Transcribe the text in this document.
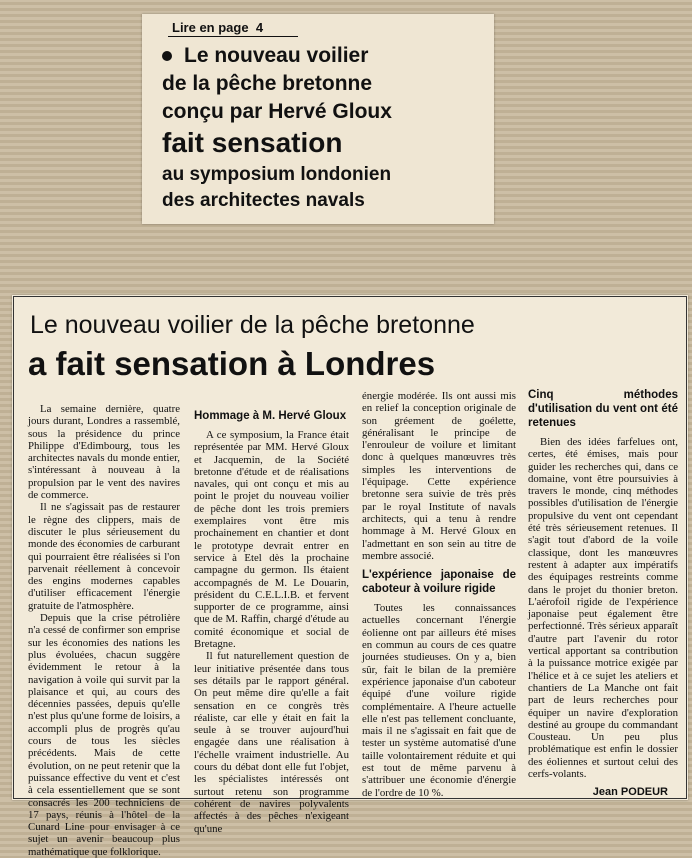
Lire en page 4
Le nouveau voilier
de la pêche bretonne
conçu par Hervé Gloux
fait sensation
au symposium londonien
des architectes navals
Le nouveau voilier de la pêche bretonne
a fait sensation à Londres

La semaine dernière, quatre jours durant, Londres a rassemblé, sous la présidence du prince Philippe d'Edimbourg, tous les architectes navals du monde entier, s'intéressant à nouveau à la propulsion par le vent des navires de commerce.

Il ne s'agissait pas de restaurer le règne des clippers, mais de discuter le plus sérieusement du monde des économies de carburant qui pourraient être réalisées si l'on parvenait réellement à concevoir des engins modernes capables d'utiliser efficacement l'énergie gratuite de l'atmosphère.

Depuis que la crise pétrolière n'a cessé de confirmer son emprise sur les économies des nations les plus évoluées, chacun suggère évidemment le retour à la navigation à voile qui survit par la plaisance et qui, au cours des décennies passées, depuis qu'elle n'est plus qu'une forme de loisirs, a accompli plus de progrès qu'au cours de tous les siècles précédents. Mais de cette évolution, on ne peut retenir que la puissance effective du vent et c'est à cela essentiellement que se sont consacrés les 200 techniciens de 17 pays, réunis à l'hôtel de la Cunard Line pour envisager à ce sujet un avenir beaucoup plus mathématique que folklorique.

Hommage à M. Hervé Gloux

A ce symposium, la France était représentée par MM. Hervé Gloux et Jacquemin, de la Société bretonne d'étude et de réalisations navales, qui ont conçu et mis au point le projet du nouveau voilier de pêche dont les trois premiers exemplaires vont être mis prochainement en chantier et dont le prototype devrait entrer en service à Etel dès la prochaine campagne du germon. Ils étaient accompagnés de M. Le Douarin, président du C.E.L.I.B. et fervent supporter de ce programme, ainsi que de M. Raffin, chargé d'étude au comité économique et social de Bretagne.

Il fut naturellement question de leur initiative présentée dans tous ses détails par le rapport général. On peut même dire qu'elle a fait sensation en ce congrès très réaliste, car elle y était en fait la seule à se trouver aujourd'hui engagée dans une réalisation à l'échelle vraiment industrielle. Au cours du débat dont elle fut l'objet, les spécialistes intéressés ont surtout retenu son programme cohérent de navires polyvalents affectés à des pêches n'exigeant qu'une

énergie modérée. Ils ont aussi mis en relief la conception originale de son gréement de goélette, généralisant le principe de l'enrouleur de voilure et limitant donc à quelques manœuvres très simples les interventions de l'équipage. Cette expérience bretonne sera suivie de très près par le royal Institute of navals architects, qui a tenu à rendre hommage à M. Hervé Gloux en l'admettant en son sein au titre de membre associé.

L'expérience japonaise de caboteur à voilure rigide

Toutes les connaissances actuelles concernant l'énergie éolienne ont par ailleurs été mises en commun au cours de ces quatre journées studieuses. On y a, bien sûr, fait le bilan de la première expérience japonaise d'un caboteur équipé d'une voilure rigide complémentaire. A l'heure actuelle elle n'est pas tellement concluante, mais il ne s'agissait en fait que de tester un système automatisé d'une taille volontairement réduite et qui est tout de même parvenu à s'attribuer une économie d'énergie de l'ordre de 10 %.

Cinq méthodes d'utilisation du vent ont été retenues

Bien des idées farfelues ont, certes, été émises, mais pour guider les recherches qui, dans ce domaine, vont être poursuivies à travers le monde, cinq méthodes possibles d'utilisation de l'énergie propulsive du vent ont cependant été très sérieusement retenues. Il s'agit tout d'abord de la voile classique, dont les manœuvres restent à adapter aux impératifs des équipages restreints comme dans le projet du thonier breton. L'aérofoil rigide de l'expérience japonaise peut également être perfectionné. Très sérieux apparaît d'autre part l'avenir du rotor vertical apportant sa contribution à la puissance motrice exigée par l'hélice et à ce sujet les ateliers et chantiers de La Manche ont fait part de leurs recherches pour équiper un navire d'exploration destiné au groupe du commandant Cousteau. Un peu plus problématique est enfin le dossier des éoliennes et surtout celui des cerfs-volants.

Jean PODEUR
